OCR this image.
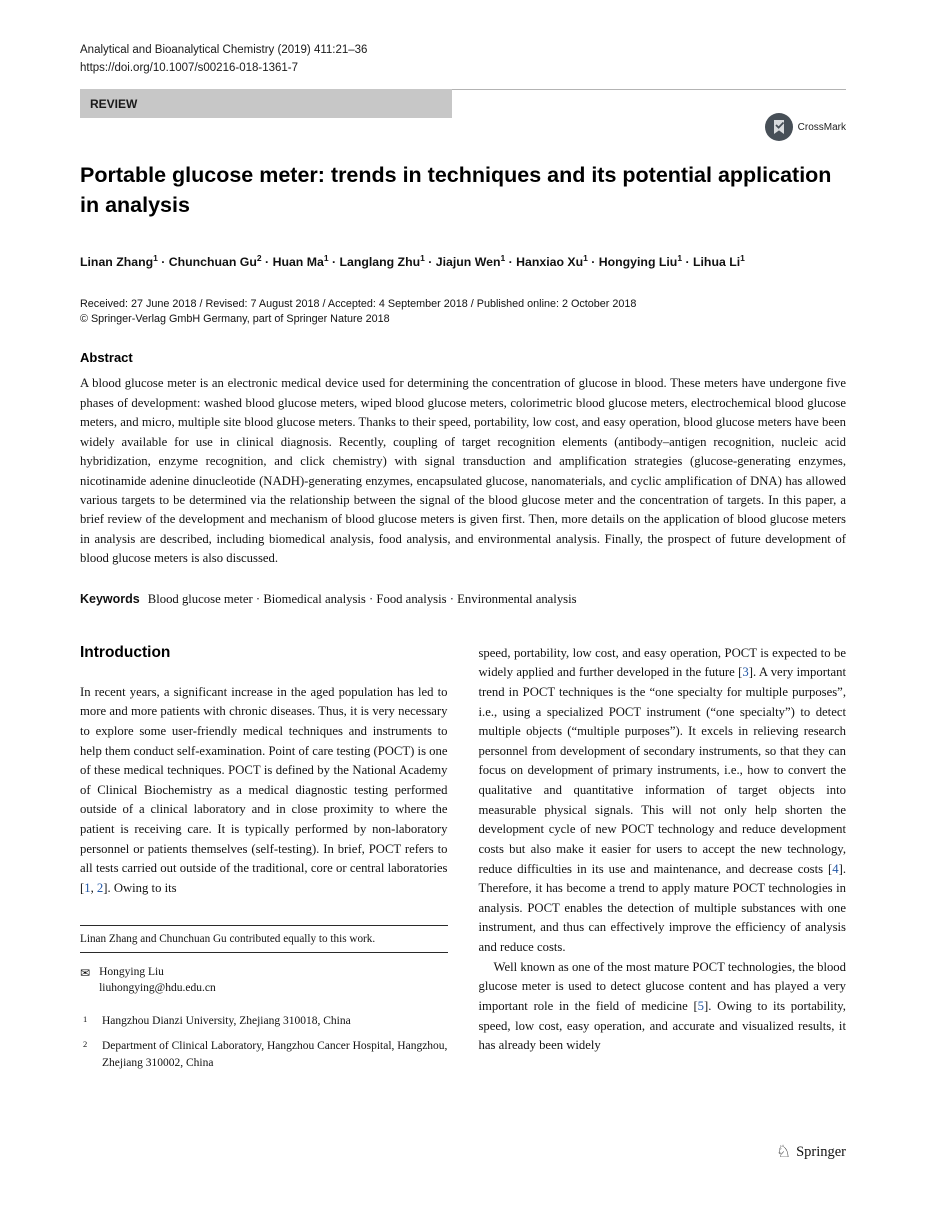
Analytical and Bioanalytical Chemistry (2019) 411:21–36
https://doi.org/10.1007/s00216-018-1361-7
REVIEW
CrossMark
Portable glucose meter: trends in techniques and its potential application in analysis
Linan Zhang$^1$ · Chunchuan $Gu^2$ · Huan $Ma^1$ · Langlang Zhu$^1$ · Jiajun Wen$^1$ · Hanxiao $Xu^1$ · Hongying Liu$^1$ · Lihua Li$^1$
Received: 27 June 2018 / Revised: 7 August 2018 / Accepted: 4 September 2018 / Published online: 2 October 2018
© Springer-Verlag GmbH Germany, part of Springer Nature 2018
Abstract

A blood glucose meter is an electronic medical device used for determining the concentration of glucose in blood. These meters have undergone five phases of development: washed blood glucose meters, wiped blood glucose meters, colorimetric blood glucose meters, electrochemical blood glucose meters, and micro, multiple site blood glucose meters. Thanks to their speed, portability, low cost, and easy operation, blood glucose meters have been widely available for use in clinical diagnosis. Recently, coupling of target recognition elements (antibody–antigen recognition, nucleic acid hybridization, enzyme recognition, and click chemistry) with signal transduction and amplification strategies (glucose-generating enzymes, nicotinamide adenine dinucleotide (NADH)-generating enzymes, encapsulated glucose, nanomaterials, and cyclic amplification of DNA) has allowed various targets to be determined via the relationship between the signal of the blood glucose meter and the concentration of targets. In this paper, a brief review of the development and mechanism of blood glucose meters is given first. Then, more details on the application of blood glucose meters in analysis are described, including biomedical analysis, food analysis, and environmental analysis. Finally, the prospect of future development of blood glucose meters is also discussed.

Keywords Blood glucose meter · Biomedical analysis · Food analysis · Environmental analysis
Introduction

In recent years, a significant increase in the aged population has led to more and more patients with chronic diseases. Thus, it is very necessary to explore some user-friendly medical techniques and instruments to help them conduct self-examination. Point of care testing (POCT) is one of these medical techniques. POCT is defined by the National Academy of Clinical Biochemistry as a medical diagnostic testing performed outside of a clinical laboratory and in close proximity to where the patient is receiving care. It is typically performed by non-laboratory personnel or patients themselves (self-testing). In brief, POCT refers to all tests carried out outside of the traditional, core or central laboratories [1, 2]. Owing to its

Linan Zhang and Chunchuan Gu contributed equally to this work.
✉ Hongying Liu
liuhongying@hdu.edu.cn
1 Hangzhou Dianzi University, Zhejiang 310018, China
2 Department of Clinical Laboratory, Hangzhou Cancer Hospital, Hangzhou, Zhejiang 310002, China

speed, portability, low cost, and easy operation, POCT is expected to be widely applied and further developed in the future [3]. A very important trend in POCT techniques is the “one specialty for multiple purposes”, i.e., using a specialized POCT instrument (“one specialty”) to detect multiple objects (“multiple purposes”). It excels in relieving research personnel from development of secondary instruments, so that they can focus on development of primary instruments, i.e., how to convert the qualitative and quantitative information of target objects into measurable physical signals. This will not only help shorten the development cycle of new POCT technology and reduce development costs but also make it easier for users to accept the new technology, reduce difficulties in its use and maintenance, and decrease costs [4]. Therefore, it has become a trend to apply mature POCT technologies in analysis. POCT enables the detection of multiple substances with one instrument, and thus can effectively improve the efficiency of analysis and reduce costs.

Well known as one of the most mature POCT technologies, the blood glucose meter is used to detect glucose content and has played a very important role in the field of medicine [5]. Owing to its portability, speed, low cost, easy operation, and accurate and visualized results, it has already been widely

♘ Springer
